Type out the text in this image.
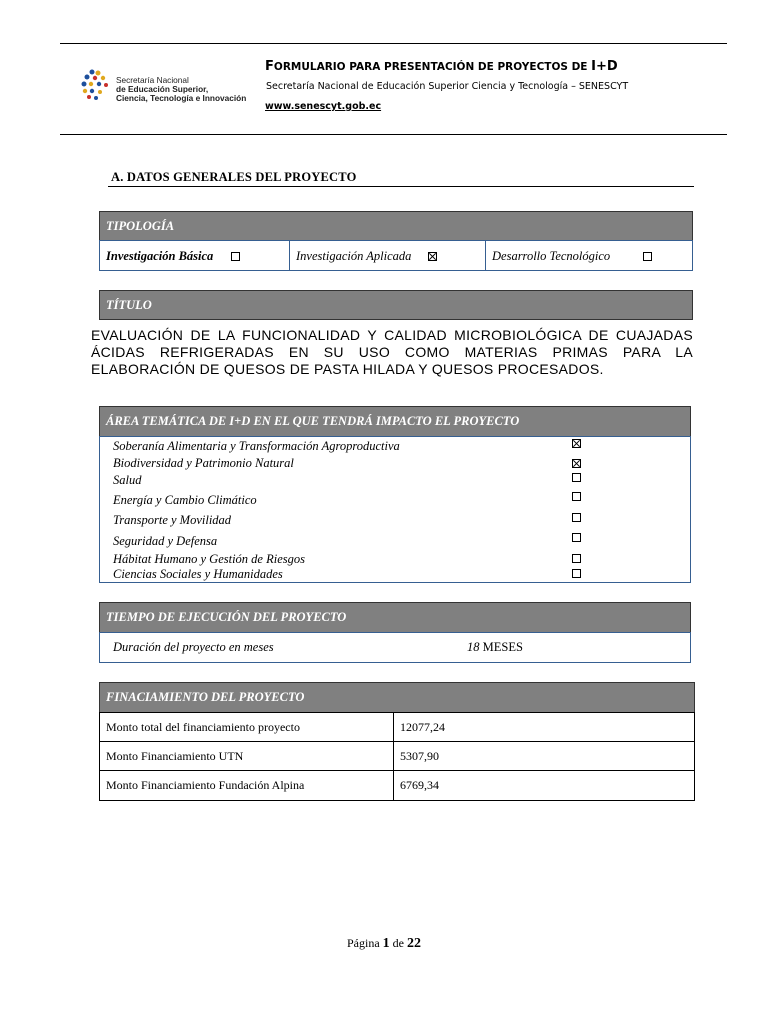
Secretaría Nacional
de Educación Superior,
Ciencia, Tecnología e Innovación
FORMULARIO PARA PRESENTACIÓN DE PROYECTOS DE I+D
Secretaría Nacional de Educación Superior Ciencia y Tecnología – SENESCYT
www.senescyt.gob.ec
A. DATOS GENERALES DEL PROYECTO
TIPOLOGÍA
Investigación Básica	Investigación Aplicada	Desarrollo Tecnológico
TÍTULO
EVALUACIÓN DE LA FUNCIONALIDAD Y CALIDAD MICROBIOLÓGICA DE CUAJADAS ÁCIDAS REFRIGERADAS EN SU USO COMO MATERIAS PRIMAS PARA LA ELABORACIÓN DE QUESOS DE PASTA HILADA Y QUESOS PROCESADOS.
ÁREA TEMÁTICA DE I+D EN EL QUE TENDRÁ IMPACTO EL PROYECTO
Soberanía Alimentaria y Transformación Agroproductiva
Biodiversidad y Patrimonio Natural
Salud
Energía y Cambio Climático
Transporte y Movilidad
Seguridad y Defensa
Hábitat Humano y Gestión de Riesgos
Ciencias Sociales y Humanidades
TIEMPO DE EJECUCIÓN DEL PROYECTO
Duración del proyecto en meses	18 MESES
FINACIAMIENTO DEL PROYECTO
Monto total del financiamiento proyecto	12077,24
Monto Financiamiento UTN	5307,90
Monto Financiamiento Fundación Alpina	6769,34
Página 1 de 22
